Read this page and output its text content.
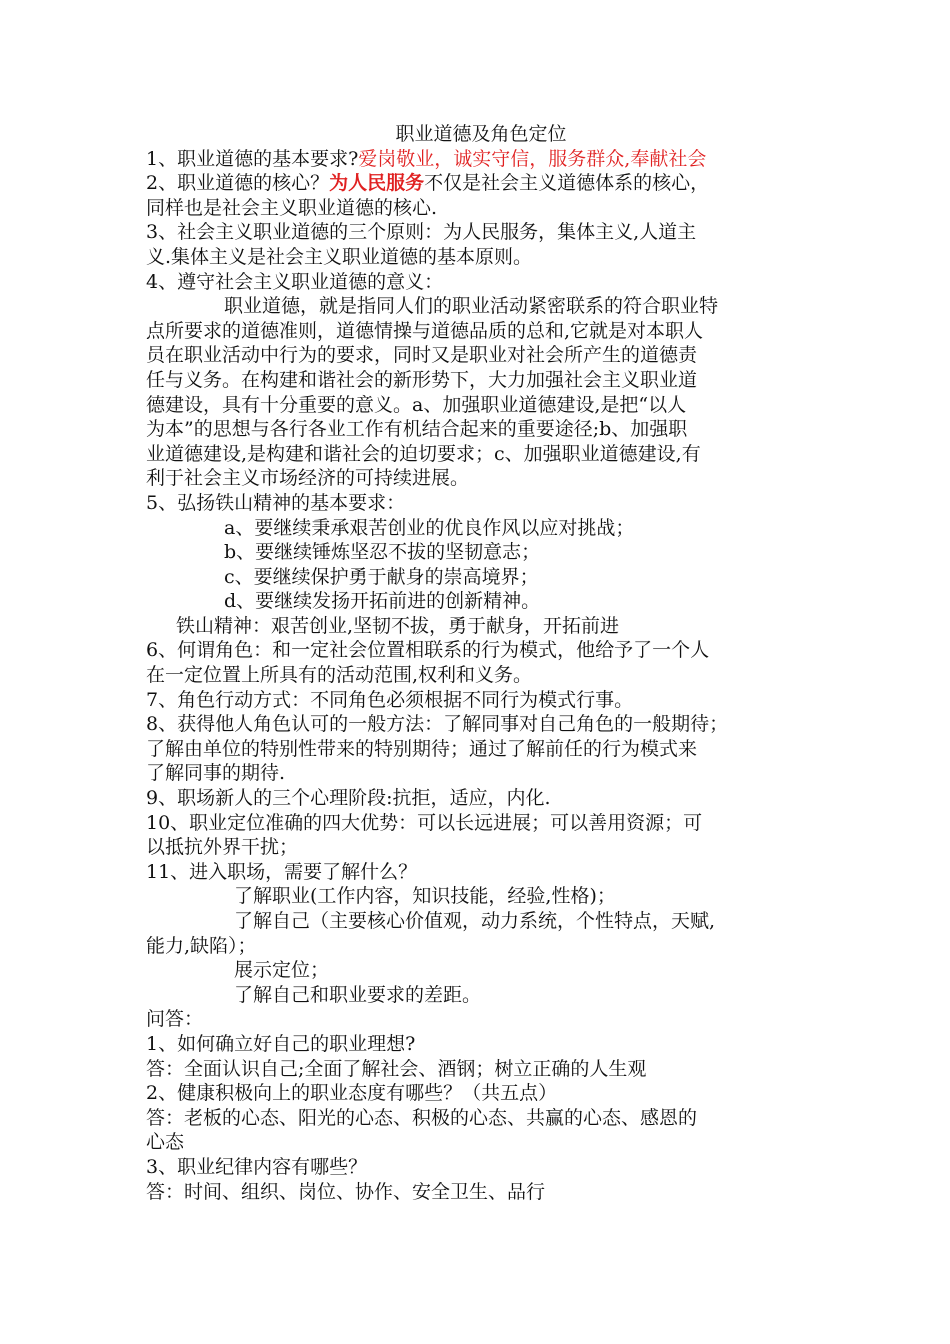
职业道德及角色定位
1、职业道德的基本要求?爱岗敬业，诚实守信，服务群众,奉献社会
2、职业道德的核心？为人民服务不仅是社会主义道德体系的核心，
同样也是社会主义职业道德的核心.
3、社会主义职业道德的三个原则：为人民服务，集体主义,人道主
义.集体主义是社会主义职业道德的基本原则。
4、遵守社会主义职业道德的意义：
职业道德，就是指同人们的职业活动紧密联系的符合职业特
点所要求的道德准则，道德情操与道德品质的总和,它就是对本职人
员在职业活动中行为的要求，同时又是职业对社会所产生的道德责
任与义务。在构建和谐社会的新形势下，大力加强社会主义职业道
德建设，具有十分重要的意义。a、加强职业道德建设,是把“以人
为本”的思想与各行各业工作有机结合起来的重要途径;b、加强职
业道德建设,是构建和谐社会的迫切要求；c、加强职业道德建设,有
利于社会主义市场经济的可持续进展。
5、弘扬铁山精神的基本要求：
a、要继续秉承艰苦创业的优良作风以应对挑战；
b、要继续锤炼坚忍不拔的坚韧意志；
c、要继续保护勇于献身的崇高境界；
d、要继续发扬开拓前进的创新精神。
铁山精神：艰苦创业,坚韧不拔，勇于献身，开拓前进
6、何谓角色：和一定社会位置相联系的行为模式，他给予了一个人
在一定位置上所具有的活动范围,权利和义务。
7、角色行动方式：不同角色必须根据不同行为模式行事。
8、获得他人角色认可的一般方法：了解同事对自己角色的一般期待；
了解由单位的特别性带来的特别期待；通过了解前任的行为模式来
了解同事的期待.
9、职场新人的三个心理阶段:抗拒，适应，内化.
10、职业定位准确的四大优势：可以长远进展；可以善用资源；可
以抵抗外界干扰；
11、进入职场，需要了解什么？
了解职业(工作内容，知识技能，经验,性格)；
了解自己（主要核心价值观，动力系统，个性特点，天赋,
能力,缺陷）；
展示定位；
了解自己和职业要求的差距。
问答：
1、如何确立好自己的职业理想?
答：全面认识自己;全面了解社会、酒钢；树立正确的人生观
2、健康积极向上的职业态度有哪些？（共五点）
答：老板的心态、阳光的心态、积极的心态、共赢的心态、感恩的
心态
3、职业纪律内容有哪些？
答：时间、组织、岗位、协作、安全卫生、品行
